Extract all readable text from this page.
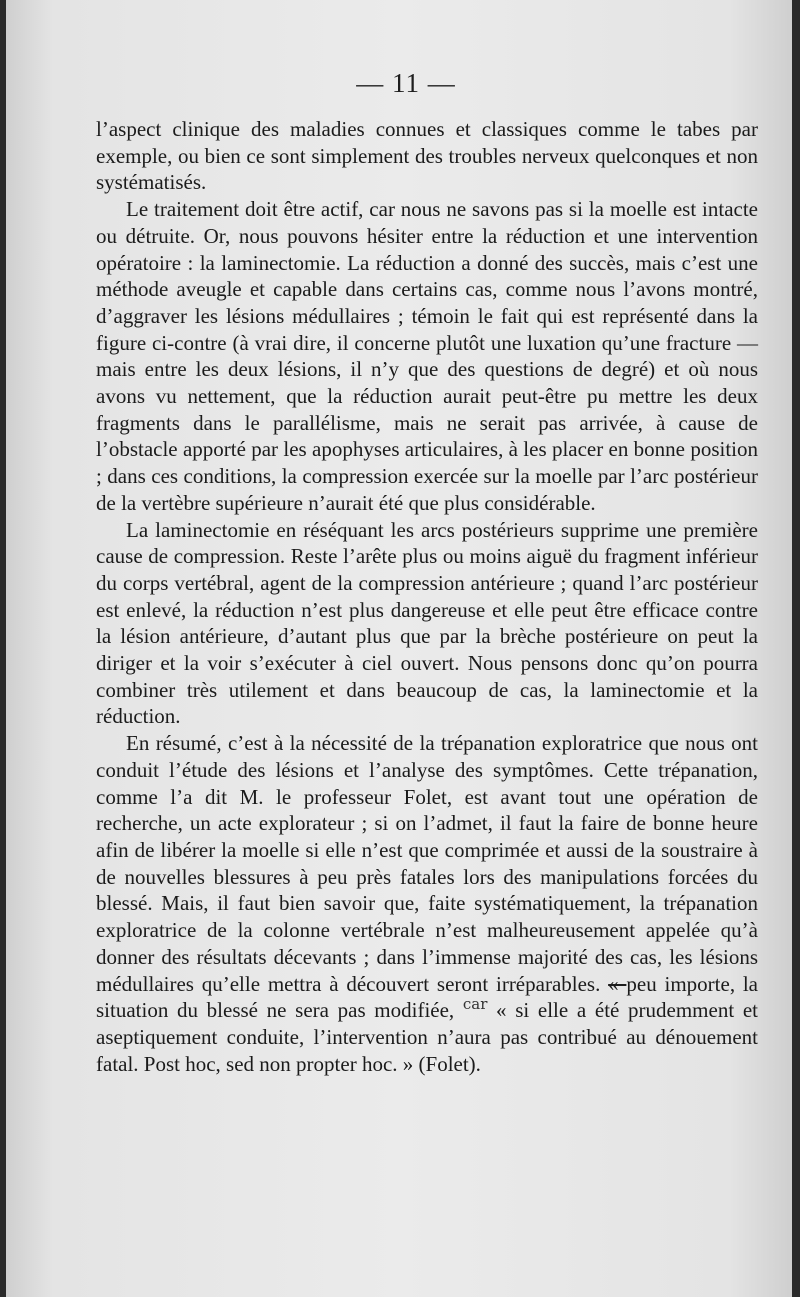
— 11 —

l’aspect clinique des maladies connues et classiques comme le tabes par exemple, ou bien ce sont simplement des troubles nerveux quelconques et non systématisés.

Le traitement doit être actif, car nous ne savons pas si la moelle est intacte ou détruite. Or, nous pouvons hésiter entre la réduction et une intervention opératoire : la laminectomie. La réduction a donné des succès, mais c’est une méthode aveugle et capable dans certains cas, comme nous l’avons montré, d’aggraver les lésions médullaires ; témoin le fait qui est représenté dans la figure ci-contre (à vrai dire, il concerne plutôt une luxation qu’une fracture — mais entre les deux lésions, il n’y que des questions de degré) et où nous avons vu nettement, que la réduction aurait peut-être pu mettre les deux fragments dans le parallélisme, mais ne serait pas arrivée, à cause de l’obstacle apporté par les apophyses articulaires, à les placer en bonne position ; dans ces conditions, la compression exercée sur la moelle par l’arc postérieur de la vertèbre supérieure n’aurait été que plus considérable.

La laminectomie en réséquant les arcs postérieurs supprime une première cause de compression. Reste l’arête plus ou moins aiguë du fragment inférieur du corps vertébral, agent de la compression antérieure ; quand l’arc postérieur est enlevé, la réduction n’est plus dangereuse et elle peut être efficace contre la lésion antérieure, d’autant plus que par la brèche postérieure on peut la diriger et la voir s’exécuter à ciel ouvert. Nous pensons donc qu’on pourra combiner très utilement et dans beaucoup de cas, la laminectomie et la réduction.

En résumé, c’est à la nécessité de la trépanation exploratrice que nous ont conduit l’étude des lésions et l’analyse des symptômes. Cette trépanation, comme l’a dit M. le professeur Folet, est avant tout une opération de recherche, un acte explorateur ; si on l’admet, il faut la faire de bonne heure afin de libérer la moelle si elle n’est que comprimée et aussi de la soustraire à de nouvelles blessures à peu près fatales lors des manipulations forcées du blessé. Mais, il faut bien savoir que, faite systématiquement, la trépanation exploratrice de la colonne vertébrale n’est malheureusement appelée qu’à donner des résultats décevants ; dans l’immense majorité des cas, les lésions médullaires qu’elle mettra à découvert seront irréparables. « peu importe, la situation du blessé ne sera pas modifiée, $^{car}$ « si elle a été prudemment et aseptiquement conduite, l’intervention n’aura pas contribué au dénouement fatal. Post hoc, sed non propter hoc. » (Folet).
